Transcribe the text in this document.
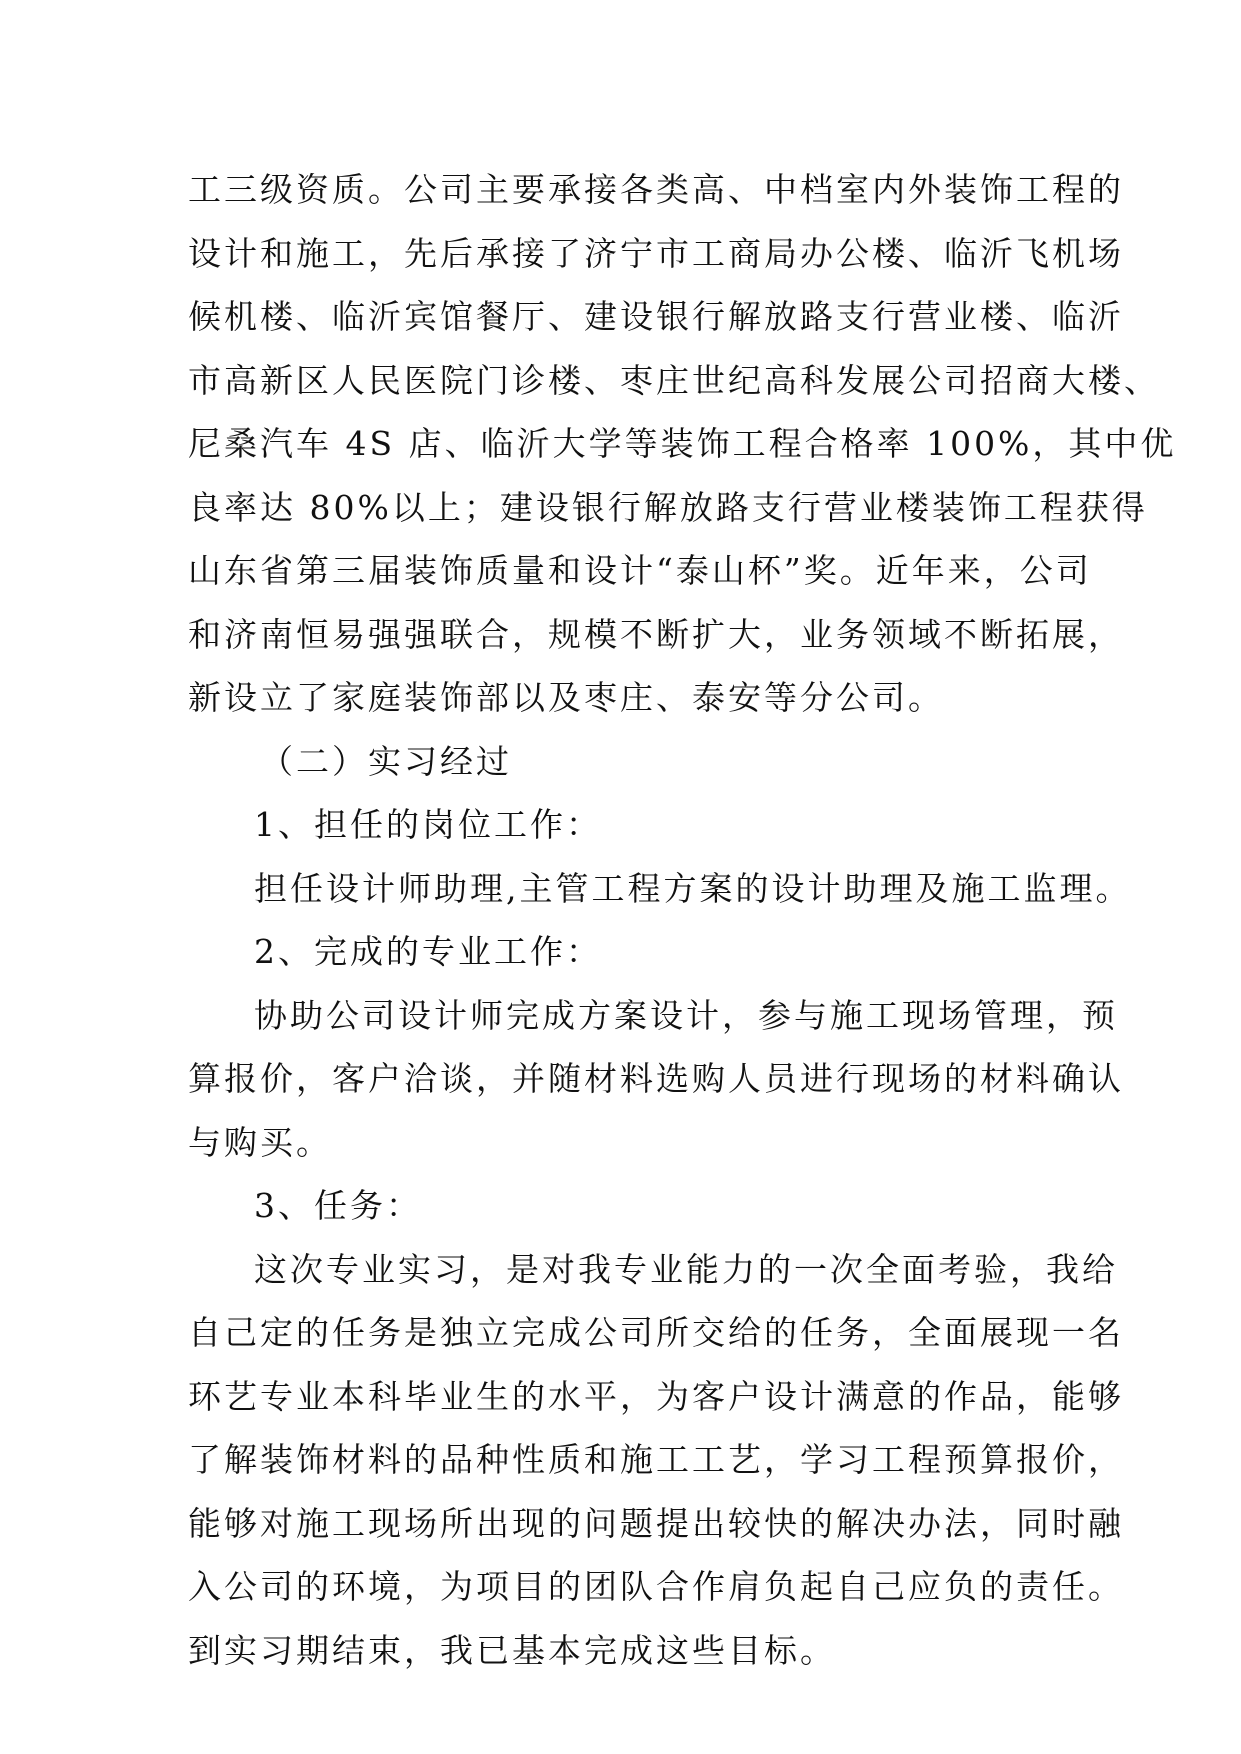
工三级资质。公司主要承接各类高、中档室内外装饰工程的
设计和施工，先后承接了济宁市工商局办公楼、临沂飞机场
候机楼、临沂宾馆餐厅、建设银行解放路支行营业楼、临沂
市高新区人民医院门诊楼、枣庄世纪高科发展公司招商大楼、
尼桑汽车 4S 店、临沂大学等装饰工程合格率 100%，其中优
良率达 80%以上；建设银行解放路支行营业楼装饰工程获得
山东省第三届装饰质量和设计“泰山杯”奖。近年来，公司
和济南恒易强强联合，规模不断扩大，业务领域不断拓展，
新设立了家庭装饰部以及枣庄、泰安等分公司。
（二）实习经过
1、担任的岗位工作：
担任设计师助理,主管工程方案的设计助理及施工监理。
2、完成的专业工作：
协助公司设计师完成方案设计，参与施工现场管理，预
算报价，客户洽谈，并随材料选购人员进行现场的材料确认
与购买。
3、任务：
这次专业实习，是对我专业能力的一次全面考验，我给
自己定的任务是独立完成公司所交给的任务，全面展现一名
环艺专业本科毕业生的水平，为客户设计满意的作品，能够
了解装饰材料的品种性质和施工工艺，学习工程预算报价，
能够对施工现场所出现的问题提出较快的解决办法，同时融
入公司的环境，为项目的团队合作肩负起自己应负的责任。
到实习期结束，我已基本完成这些目标。
